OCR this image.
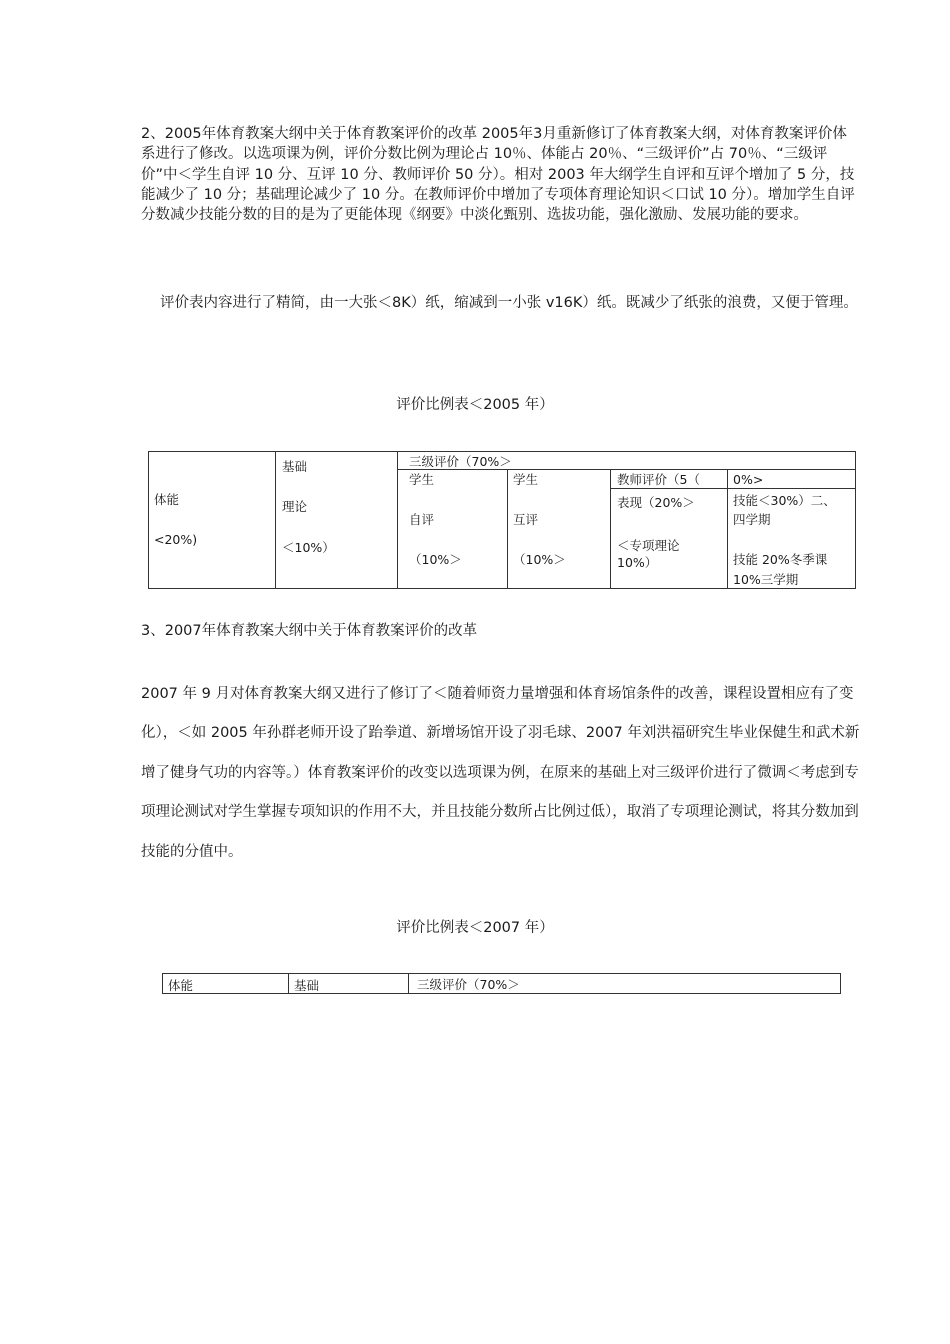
2、2005年体育教案大纲中关于体育教案评价的改革 2005年3月重新修订了体育教案大纲，对体育教案评价体系进行了修改。以选项课为例，评价分数比例为理论占 10％、体能占 20％、“三级评价”占 70％、“三级评价”中＜学生自评 10 分、互评 10 分、教师评价 50 分）。相对 2003 年大纲学生自评和互评个增加了 5 分，技能减少了 10 分；基础理论减少了 10 分。在教师评价中增加了专项体育理论知识＜口试 10 分）。增加学生自评分数减少技能分数的目的是为了更能体现《纲要》中淡化甄别、选拔功能，强化激励、发展功能的要求。

评价表内容进行了精简，由一大张＜8K）纸，缩减到一小张 v16K）纸。既减少了纸张的浪费，又便于管理。

评价比例表＜2005 年）

体能
<20%)
基础
理论
＜10%）
三级评价（70%＞
学生
自评
（10%＞
学生
互评
（10%＞
教师评价（5（
表现（20%＞
＜专项理论
10%）
0%>
技能＜30%）二、
四学期
技能 20%冬季课
10%三学期

3、2007年体育教案大纲中关于体育教案评价的改革

2007 年 9 月对体育教案大纲又进行了修订了＜随着师资力量增强和体育场馆条件的改善，课程设置相应有了变化），＜如 2005 年孙群老师开设了跆拳道、新增场馆开设了羽毛球、2007 年刘洪福研究生毕业保健生和武术新增了健身气功的内容等。）体育教案评价的改变以选项课为例，在原来的基础上对三级评价进行了微调＜考虑到专项理论测试对学生掌握专项知识的作用不大，并且技能分数所占比例过低），取消了专项理论测试，将其分数加到技能的分值中。

评价比例表＜2007 年）

体能	基础	三级评价（70%＞
